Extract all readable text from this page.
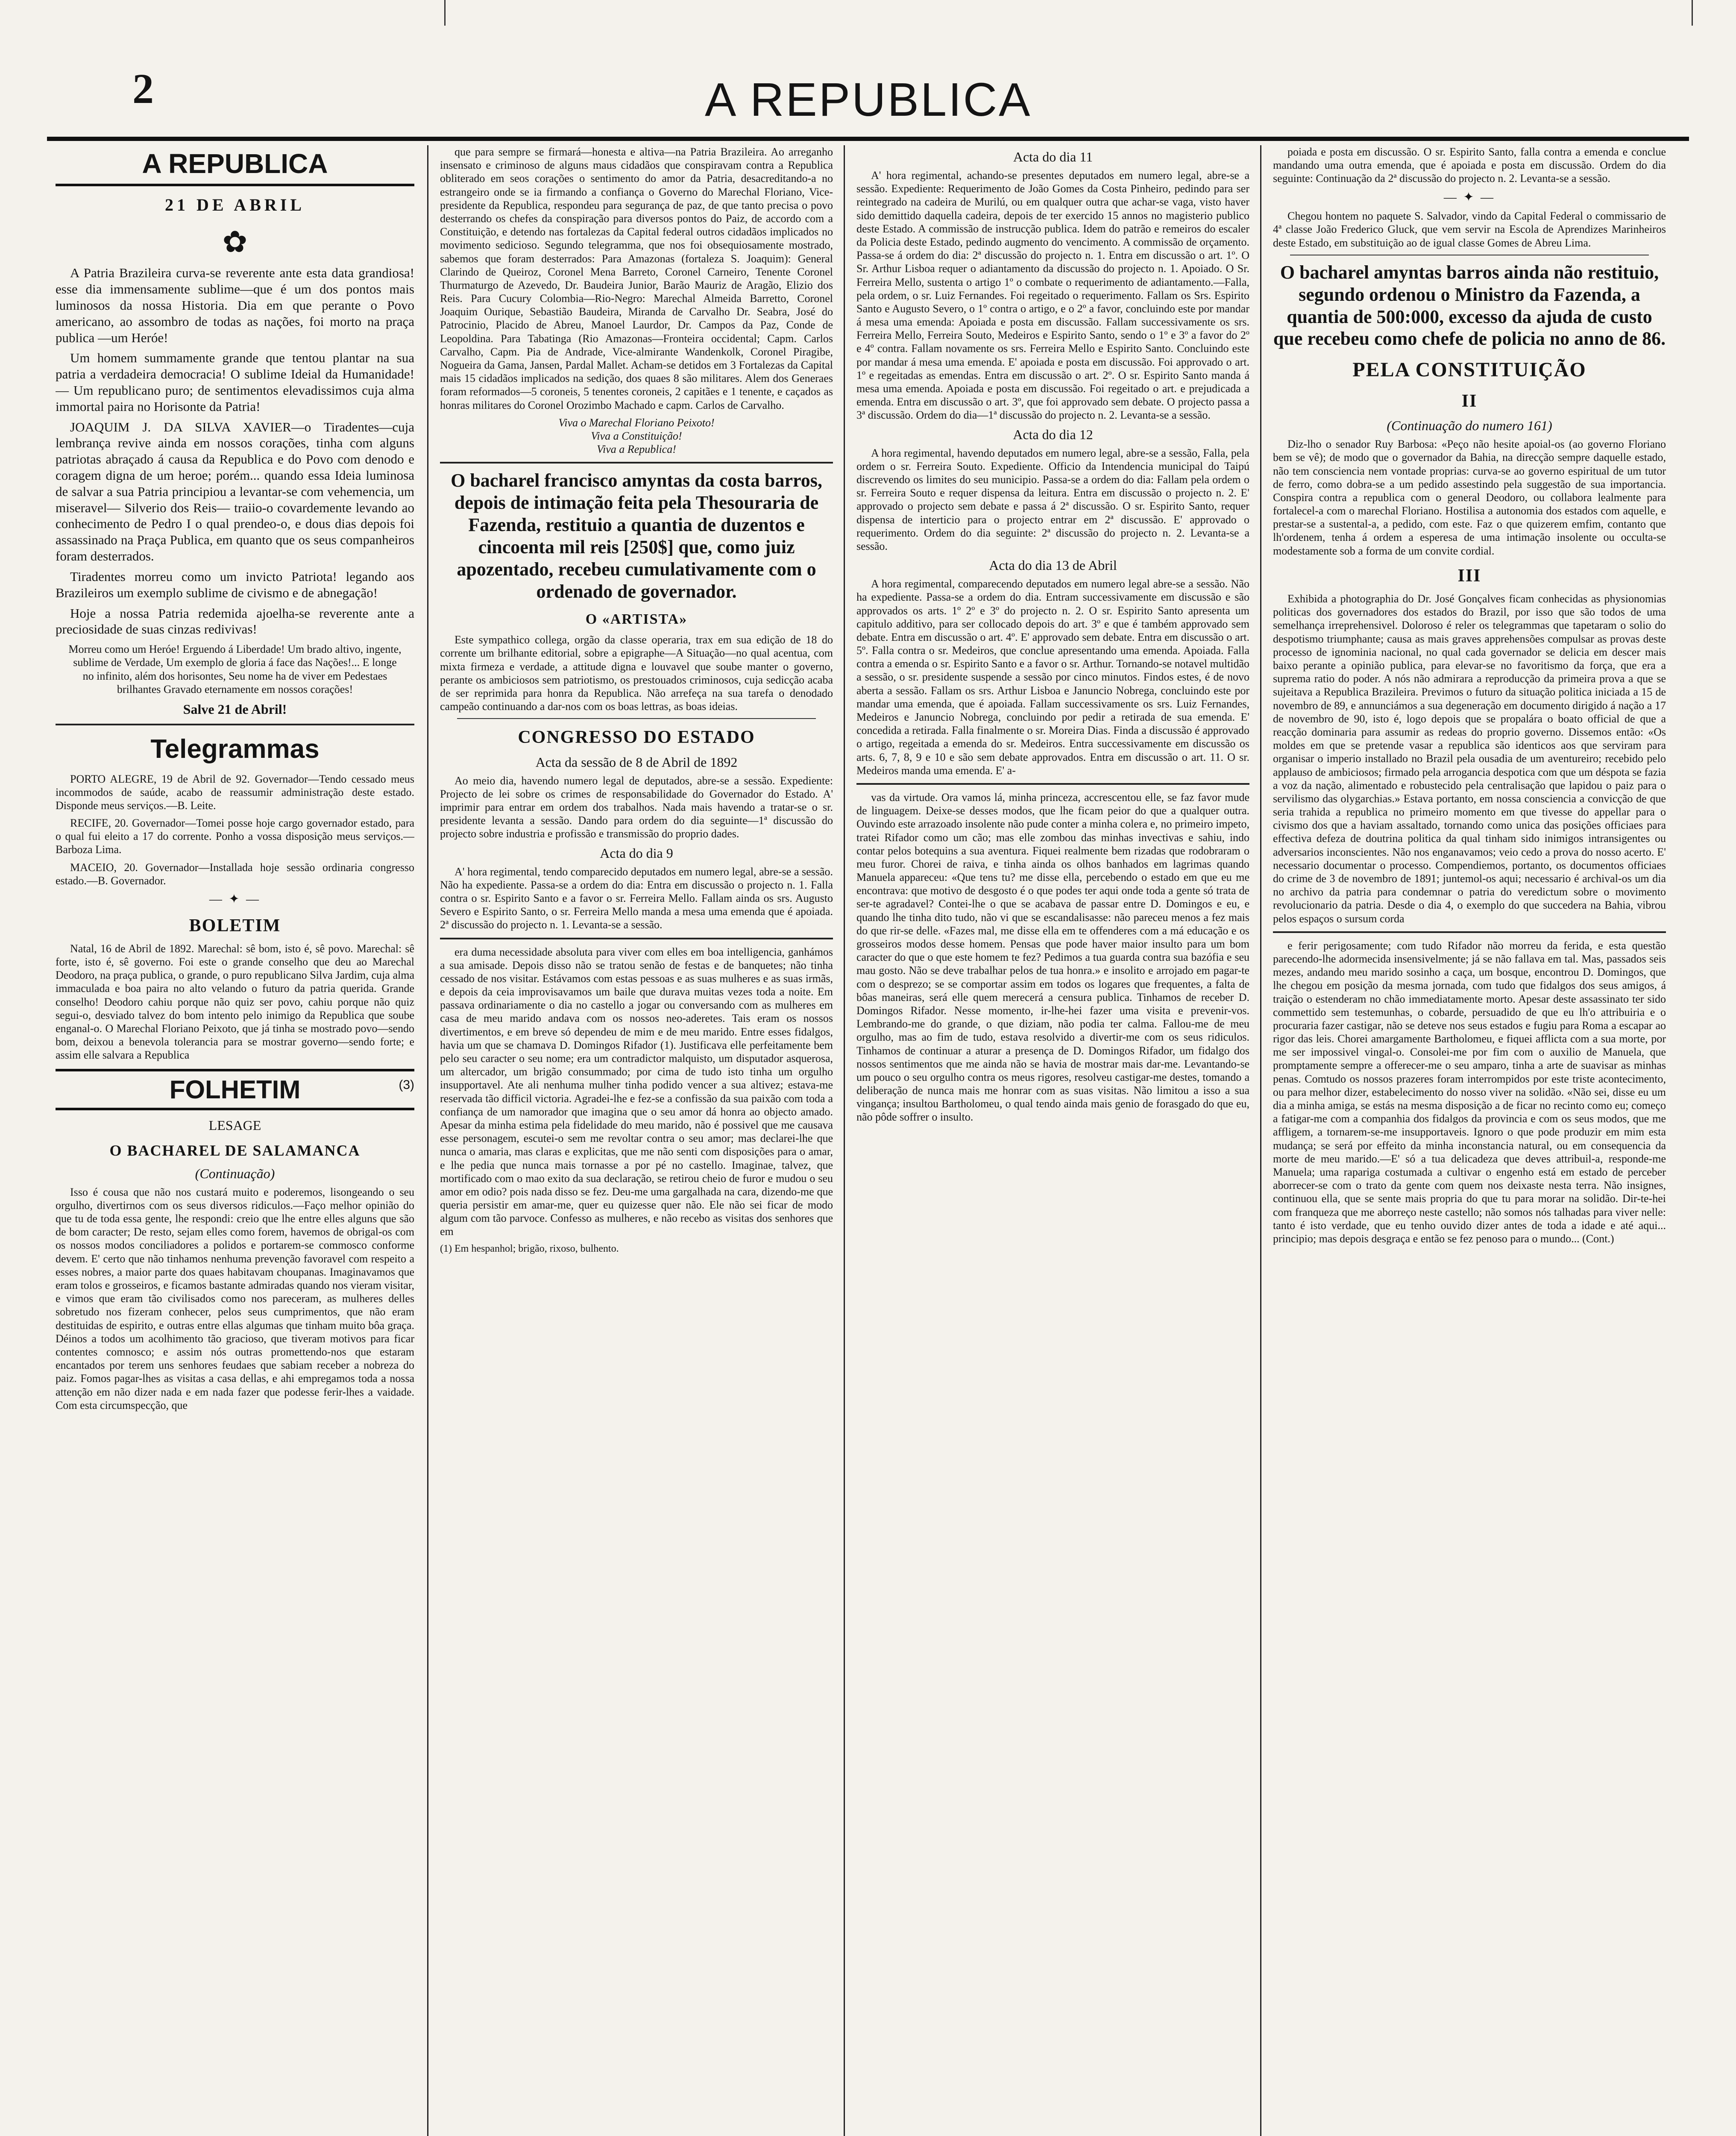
2	A REPUBLICA
A REPUBLICA
21 DE ABRIL
✿

A Patria Brazileira curva-se reverente ante esta data grandiosa! esse dia immensamente sublime—que é um dos pontos mais luminosos da nossa Historia. Dia em que perante o Povo americano, ao assombro de todas as nações, foi morto na praça publica —um Heróe!

Um homem summamente grande que tentou plantar na sua patria a verdadeira democracia! O sublime Ideial da Humanidade! — Um republicano puro; de sentimentos elevadissimos cuja alma immortal paira no Horisonte da Patria!

JOAQUIM J. DA SILVA XAVIER—o Tiradentes—cuja lembrança revive ainda em nossos corações, tinha com alguns patriotas abraçado á causa da Republica e do Povo com denodo e coragem digna de um heroe; porém... quando essa Ideia luminosa de salvar a sua Patria principiou a levantar-se com vehemencia, um miseravel— Silverio dos Reis— traiio-o covardemente levando ao conhecimento de Pedro I o qual prendeo-o, e dous dias depois foi assassinado na Praça Publica, em quanto que os seus companheiros foram desterrados.

Tiradentes morreu como um invicto Patriota! legando aos Brazileiros um exemplo sublime de civismo e de abnegação!

Hoje a nossa Patria redemida ajoelha-se reverente ante a preciosidade de suas cinzas redivivas!

Morreu como um Heróe! Erguendo á Liberdade! Um brado altivo, ingente, sublime de Verdade, Um exemplo de gloria á face das Nações!... E longe no infinito, além dos horisontes, Seu nome ha de viver em Pedestaes brilhantes Gravado eternamente em nossos corações!
Salve 21 de Abril!
Telegrammas

PORTO ALEGRE, 19 de Abril de 92. Governador—Tendo cessado meus incommodos de saúde, acabo de reassumir administração deste estado. Disponde meus serviços.—B. Leite.

RECIFE, 20. Governador—Tomei posse hoje cargo governador estado, para o qual fui eleito a 17 do corrente. Ponho a vossa disposição meus serviços.—Barboza Lima.

MACEIO, 20. Governador—Installada hoje sessão ordinaria congresso estado.—B. Governador.

— ✦ —
BOLETIM

Natal, 16 de Abril de 1892. Marechal: sê bom, isto é, sê povo. Marechal: sê forte, isto é, sê governo. Foi este o grande conselho que deu ao Marechal Deodoro, na praça publica, o grande, o puro republicano Silva Jardim, cuja alma immaculada e boa paira no alto velando o futuro da patria querida. Grande conselho! Deodoro cahiu porque não quiz ser povo, cahiu porque não quiz segui-o, desviado talvez do bom intento pelo inimigo da Republica que soube enganal-o. O Marechal Floriano Peixoto, que já tinha se mostrado povo—sendo bom, deixou a benevola tolerancia para se mostrar governo—sendo forte; e assim elle salvara a Republica

FOLHETIM	(3)
LESAGE
O BACHAREL DE SALAMANCA
(Continuação)

Isso é cousa que não nos custará muito e poderemos, lisongeando o seu orgulho, divertirnos com os seus diversos ridiculos.—Faço melhor opinião do que tu de toda essa gente, lhe respondi: creio que lhe entre elles alguns que são de bom caracter; De resto, sejam elles como forem, havemos de obrigal-os com os nossos modos conciliadores a polidos e portarem-se commosco conforme devem. E' certo que não tinhamos nenhuma prevenção favoravel com respeito a esses nobres, a maior parte dos quaes habitavam choupanas. Imaginavamos que eram tolos e grosseiros, e ficamos bastante admiradas quando nos vieram visitar, e vimos que eram tão civilisados como nos pareceram, as mulheres delles sobretudo nos fizeram conhecer, pelos seus cumprimentos, que não eram destituidas de espirito, e outras entre ellas algumas que tinham muito bôa graça. Déinos a todos um acolhimento tão gracioso, que tiveram motivos para ficar contentes comnosco; e assim nós outras promettendo-nos que estaram encantados por terem uns senhores feudaes que sabiam receber a nobreza do paiz. Fomos pagar-lhes as visitas a casa dellas, e ahi empregamos toda a nossa attenção em não dizer nada e em nada fazer que podesse ferir-lhes a vaidade. Com esta circumspecção, que

que para sempre se firmará—honesta e altiva—na Patria Brazileira. Ao arreganho insensato e criminoso de alguns maus cidadãos que conspiravam contra a Republica obliterado em seos corações o sentimento do amor da Patria, desacreditando-a no estrangeiro onde se ia firmando a confiança o Governo do Marechal Floriano, Vice-presidente da Republica, respondeu para segurança de paz, de que tanto precisa o povo desterrando os chefes da conspiração para diversos pontos do Paiz, de accordo com a Constituição, e detendo nas fortalezas da Capital federal outros cidadãos implicados no movimento sedicioso. Segundo telegramma, que nos foi obsequiosamente mostrado, sabemos que foram desterrados: Para Amazonas (fortaleza S. Joaquim): General Clarindo de Queiroz, Coronel Mena Barreto, Coronel Carneiro, Tenente Coronel Thurmaturgo de Azevedo, Dr. Baudeira Junior, Barão Mauriz de Aragão, Elizio dos Reis. Para Cucury Colombia—Rio-Negro: Marechal Almeida Barretto, Coronel Joaquim Ourique, Sebastião Baudeira, Miranda de Carvalho Dr. Seabra, José do Patrocinio, Placido de Abreu, Manoel Laurdor, Dr. Campos da Paz, Conde de Leopoldina. Para Tabatinga (Rio Amazonas—Fronteira occidental; Capm. Carlos Carvalho, Capm. Pia de Andrade, Vice-almirante Wandenkolk, Coronel Piragibe, Nogueira da Gama, Jansen, Pardal Mallet. Acham-se detidos em 3 Fortalezas da Capital mais 15 cidadãos implicados na sedição, dos quaes 8 são militares. Alem dos Generaes foram reformados—5 coroneis, 5 tenentes coroneis, 2 capitães e 1 tenente, e caçados as honras militares do Coronel Orozimbo Machado e capm. Carlos de Carvalho.

Viva o Marechal Floriano Peixoto!
Viva a Constituição!
Viva a Republica!
O bacharel francisco amyntas da costa barros, depois de intimação feita pela Thesouraria de Fazenda, restituio a quantia de duzentos e cincoenta mil reis [250$] que, como juiz apozentado, recebeu cumulativamente com o ordenado de governador.
O «ARTISTA»

Este sympathico collega, orgão da classe operaria, trax em sua edição de 18 do corrente um brilhante editorial, sobre a epigraphe—A Situação—no qual acentua, com mixta firmeza e verdade, a attitude digna e louvavel que soube manter o governo, perante os ambiciosos sem patriotismo, os prestouados criminosos, cuja sedicção acaba de ser reprimida para honra da Republica. Não arrefeça na sua tarefa o denodado campeão continuando a dar-nos com os boas lettras, as boas ideias.

CONGRESSO DO ESTADO
Acta da sessão de 8 de Abril de 1892

Ao meio dia, havendo numero legal de deputados, abre-se a sessão. Expediente: Projecto de lei sobre os crimes de responsabilidade do Governador do Estado. A' imprimir para entrar em ordem dos trabalhos. Nada mais havendo a tratar-se o sr. presidente levanta a sessão. Dando para ordem do dia seguinte—1ª discussão do projecto sobre industria e profissão e transmissão do proprio dades.

Acta do dia 9

A' hora regimental, tendo comparecido deputados em numero legal, abre-se a sessão. Não ha expediente. Passa-se a ordem do dia: Entra em discussão o projecto n. 1. Falla contra o sr. Espirito Santo e a favor o sr. Ferreira Mello. Fallam ainda os srs. Augusto Severo e Espirito Santo, o sr. Ferreira Mello manda a mesa uma emenda que é apoiada. 2ª discussão do projecto n. 1. Levanta-se a sessão.

era duma necessidade absoluta para viver com elles em boa intelligencia, ganhámos a sua amisade. Depois disso não se tratou senão de festas e de banquetes; não tinha cessado de nos visitar. Estávamos com estas pessoas e as suas mulheres e as suas irmãs, e depois da ceia improvisavamos um baile que durava muitas vezes toda a noite. Em passava ordinariamente o dia no castello a jogar ou conversando com as mulheres em casa de meu marido andava com os nossos neo-aderetes. Tais eram os nossos divertimentos, e em breve só dependeu de mim e de meu marido. Entre esses fidalgos, havia um que se chamava D. Domingos Rifador (1). Justificava elle perfeitamente bem pelo seu caracter o seu nome; era um contradictor malquisto, um disputador asquerosa, um altercador, um brigão consummado; por cima de tudo isto tinha um orgulho insupportavel. Ate ali nenhuma mulher tinha podido vencer a sua altivez; estava-me reservada tão difficil victoria. Agradei-lhe e fez-se a confissão da sua paixão com toda a confiança de um namorador que imagina que o seu amor dá honra ao objecto amado. Apesar da minha estima pela fidelidade do meu marido, não é possivel que me causava esse personagem, escutei-o sem me revoltar contra o seu amor; mas declarei-lhe que nunca o amaria, mas claras e explicitas, que me não senti com disposições para o amar, e lhe pedia que nunca mais tornasse a por pé no castello. Imaginae, talvez, que mortificado com o mao exito da sua declaração, se retirou cheio de furor e mudou o seu amor em odio? pois nada disso se fez. Deu-me uma gargalhada na cara, dizendo-me que queria persistir em amar-me, quer eu quizesse quer não. Ele não sei ficar de modo algum com tão parvoce. Confesso as mulheres, e não recebo as visitas dos senhores que em

(1) Em hespanhol; brigão, rixoso, bulhento.
Acta do dia 11

A' hora regimental, achando-se presentes deputados em numero legal, abre-se a sessão. Expediente: Requerimento de João Gomes da Costa Pinheiro, pedindo para ser reintegrado na cadeira de Murilú, ou em qualquer outra que achar-se vaga, visto haver sido demittido daquella cadeira, depois de ter exercido 15 annos no magisterio publico deste Estado. A commissão de instrucção publica. Idem do patrão e remeiros do escaler da Policia deste Estado, pedindo augmento do vencimento. A commissão de orçamento. Passa-se á ordem do dia: 2ª discussão do projecto n. 1. Entra em discussão o art. 1º. O Sr. Arthur Lisboa requer o adiantamento da discussão do projecto n. 1. Apoiado. O Sr. Ferreira Mello, sustenta o artigo 1º o combate o requerimento de adiantamento.—Falla, pela ordem, o sr. Luiz Fernandes. Foi regeitado o requerimento. Fallam os Srs. Espirito Santo e Augusto Severo, o 1º contra o artigo, e o 2º a favor, concluindo este por mandar á mesa uma emenda: Apoiada e posta em discussão. Fallam successivamente os srs. Ferreira Mello, Ferreira Souto, Medeiros e Espirito Santo, sendo o 1º e 3º a favor do 2º e 4º contra. Fallam novamente os srs. Ferreira Mello e Espirito Santo. Concluindo este por mandar á mesa uma emenda. E' apoiada e posta em discussão. Foi approvado o art. 1º e regeitadas as emendas. Entra em discussão o art. 2º. O sr. Espirito Santo manda á mesa uma emenda. Apoiada e posta em discussão. Foi regeitado o art. e prejudicada a emenda. Entra em discussão o art. 3º, que foi approvado sem debate. O projecto passa a 3ª discussão. Ordem do dia—1ª discussão do projecto n. 2. Levanta-se a sessão.

Acta do dia 12

A hora regimental, havendo deputados em numero legal, abre-se a sessão, Falla, pela ordem o sr. Ferreira Souto. Expediente. Officio da Intendencia municipal do Taipú discrevendo os limites do seu municipio. Passa-se a ordem do dia: Fallam pela ordem o sr. Ferreira Souto e requer dispensa da leitura. Entra em discussão o projecto n. 2. E' approvado o projecto sem debate e passa á 2ª discussão. O sr. Espirito Santo, requer dispensa de interticio para o projecto entrar em 2ª discussão. E' approvado o requerimento. Ordem do dia seguinte: 2ª discussão do projecto n. 2. Levanta-se a sessão.

Acta do dia 13 de Abril

A hora regimental, comparecendo deputados em numero legal abre-se a sessão. Não ha expediente. Passa-se a ordem do dia. Entram successivamente em discussão e são approvados os arts. 1º 2º e 3º do projecto n. 2. O sr. Espirito Santo apresenta um capitulo additivo, para ser collocado depois do art. 3º e que é também approvado sem debate. Entra em discussão o art. 4º. E' approvado sem debate. Entra em discussão o art. 5º. Falla contra o sr. Medeiros, que conclue apresentando uma emenda. Apoiada. Falla contra a emenda o sr. Espirito Santo e a favor o sr. Arthur. Tornando-se notavel multidão a sessão, o sr. presidente suspende a sessão por cinco minutos. Findos estes, é de novo aberta a sessão. Fallam os srs. Arthur Lisboa e Januncio Nobrega, concluindo este por mandar uma emenda, que é apoiada. Fallam successivamente os srs. Luiz Fernandes, Medeiros e Januncio Nobrega, concluindo por pedir a retirada de sua emenda. E' concedida a retirada. Falla finalmente o sr. Moreira Dias. Finda a discussão é approvado o artigo, regeitada a emenda do sr. Medeiros. Entra successivamente em discussão os arts. 6, 7, 8, 9 e 10 e são sem debate approvados. Entra em discussão o art. 11. O sr. Medeiros manda uma emenda. E' a-

vas da virtude. Ora vamos lá, minha princeza, accrescentou elle, se faz favor mude de linguagem. Deixe-se desses modos, que lhe ficam peior do que a qualquer outra. Ouvindo este arrazoado insolente não pude conter a minha colera e, no primeiro impeto, tratei Rifador como um cão; mas elle zombou das minhas invectivas e sahiu, indo contar pelos botequins a sua aventura. Fiquei realmente bem rizadas que rodobraram o meu furor. Chorei de raiva, e tinha ainda os olhos banhados em lagrimas quando Manuela appareceu: «Que tens tu? me disse ella, percebendo o estado em que eu me encontrava: que motivo de desgosto é o que podes ter aqui onde toda a gente só trata de ser-te agradavel? Contei-lhe o que se acabava de passar entre D. Domingos e eu, e quando lhe tinha dito tudo, não vi que se escandalisasse: não pareceu menos a fez mais do que rir-se delle. «Fazes mal, me disse ella em te offenderes com a má educação e os grosseiros modos desse homem. Pensas que pode haver maior insulto para um bom caracter do que o que este homem te fez? Pedimos a tua guarda contra sua bazófia e seu mau gosto. Não se deve trabalhar pelos de tua honra.» e insolito e arrojado em pagar-te com o desprezo; se se comportar assim em todos os logares que frequentes, a falta de bôas maneiras, será elle quem merecerá a censura publica. Tinhamos de receber D. Domingos Rifador. Nesse momento, ir-lhe-hei fazer uma visita e prevenir-vos. Lembrando-me do grande, o que diziam, não podia ter calma. Fallou-me de meu orgulho, mas ao fim de tudo, estava resolvido a divertir-me com os seus ridiculos. Tinhamos de continuar a aturar a presença de D. Domingos Rifador, um fidalgo dos nossos sentimentos que me ainda não se havia de mostrar mais dar-me. Levantando-se um pouco o seu orgulho contra os meus rigores, resolveu castigar-me destes, tomando a deliberação de nunca mais me honrar com as suas visitas. Não limitou a isso a sua vingança; insultou Bartholomeu, o qual tendo ainda mais genio de forasgado do que eu, não pôde soffrer o insulto.

poiada e posta em discussão. O sr. Espirito Santo, falla contra a emenda e conclue mandando uma outra emenda, que é apoiada e posta em discussão. Ordem do dia seguinte: Continuação da 2ª discussão do projecto n. 2. Levanta-se a sessão.

— ✦ —

Chegou hontem no paquete S. Salvador, vindo da Capital Federal o commissario de 4ª classe João Frederico Gluck, que vem servir na Escola de Aprendizes Marinheiros deste Estado, em substituição ao de igual classe Gomes de Abreu Lima.

O bacharel amyntas barros ainda não restituio, segundo ordenou o Ministro da Fazenda, a quantia de 500:000, excesso da ajuda de custo que recebeu como chefe de policia no anno de 86.
PELA CONSTITUIÇÃO
II
(Continuação do numero 161)

Diz-lho o senador Ruy Barbosa: «Peço não hesite apoial-os (ao governo Floriano bem se vê); de modo que o governador da Bahia, na direcção sempre daquelle estado, não tem consciencia nem vontade proprias: curva-se ao governo espiritual de um tutor de ferro, como dobra-se a um pedido assestindo pela suggestão de sua importancia. Conspira contra a republica com o general Deodoro, ou collabora lealmente para fortalecel-a com o marechal Floriano. Hostilisa a autonomia dos estados com aquelle, e prestar-se a sustental-a, a pedido, com este. Faz o que quizerem emfim, contanto que lh'ordenem, tenha á ordem a esperesa de uma intimação insolente ou occulta-se modestamente sob a forma de um convite cordial.

III

Exhibida a photographia do Dr. José Gonçalves ficam conhecidas as physionomias politicas dos governadores dos estados do Brazil, por isso que são todos de uma semelhança irreprehensivel. Doloroso é reler os telegrammas que tapetaram o solio do despotismo triumphante; causa as mais graves apprehensões compulsar as provas deste processo de ignominia nacional, no qual cada governador se delicia em descer mais baixo perante a opinião publica, para elevar-se no favoritismo da força, que era a suprema ratio do poder. A nós não admirara a reproducção da primeira prova a que se sujeitava a Republica Brazileira. Previmos o futuro da situação politica iniciada a 15 de novembro de 89, e annunciámos a sua degeneração em documento dirigido á nação a 17 de novembro de 90, isto é, logo depois que se propalára o boato official de que a reacção dominaria para assumir as redeas do proprio governo. Dissemos então: «Os moldes em que se pretende vasar a republica são identicos aos que serviram para organisar o imperio installado no Brazil pela ousadia de um aventureiro; recebido pelo applauso de ambiciosos; firmado pela arrogancia despotica com que um déspota se fazia a voz da nação, alimentado e robustecido pela centralisação que lapidou o paiz para o servilismo das olygarchias.» Estava portanto, em nossa consciencia a convicção de que seria trahida a republica no primeiro momento em que tivesse do appellar para o civismo dos que a haviam assaltado, tornando como unica das posições officiaes para effectiva defeza de doutrina politica da qual tinham sido inimigos intransigentes ou adversarios inconscientes. Não nos enganavamos; veio cedo a prova do nosso acerto. E' necessario documentar o processo. Compendiemos, portanto, os documentos officiaes do crime de 3 de novembro de 1891; juntemol-os aqui; necessario é archival-os um dia no archivo da patria para condemnar o patria do veredictum sobre o movimento revolucionario da patria. Desde o dia 4, o exemplo do que succedera na Bahia, vibrou pelos espaços o sursum corda

e ferir perigosamente; com tudo Rifador não morreu da ferida, e esta questão parecendo-lhe adormecida insensivelmente; já se não fallava em tal. Mas, passados seis mezes, andando meu marido sosinho a caça, um bosque, encontrou D. Domingos, que lhe chegou em posição da mesma jornada, com tudo que fidalgos dos seus amigos, á traição o estenderam no chão immediatamente morto. Apesar deste assassinato ter sido commettido sem testemunhas, o cobarde, persuadido de que eu lh'o attribuiria e o procuraria fazer castigar, não se deteve nos seus estados e fugiu para Roma a escapar ao rigor das leis. Chorei amargamente Bartholomeu, e fiquei afflicta com a sua morte, por me ser impossivel vingal-o. Consolei-me por fim com o auxilio de Manuela, que promptamente sempre a offerecer-me o seu amparo, tinha a arte de suavisar as minhas penas. Comtudo os nossos prazeres foram interrompidos por este triste acontecimento, ou para melhor dizer, estabelecimento do nosso viver na solidão. «Não sei, disse eu um dia a minha amiga, se estás na mesma disposição a de ficar no recinto como eu; começo a fatigar-me com a companhia dos fidalgos da provincia e com os seus modos, que me affligem, a tornarem-se-me insupportaveis. Ignoro o que pode produzir em mim esta mudança; se será por effeito da minha inconstancia natural, ou em consequencia da morte de meu marido.—E' só a tua delicadeza que deves attribuil-a, responde-me Manuela; uma rapariga costumada a cultivar o engenho está em estado de perceber aborrecer-se com o trato da gente com quem nos deixaste nesta terra. Não insignes, continuou ella, que se sente mais propria do que tu para morar na solidão. Dir-te-hei com franqueza que me aborreço neste castello; não somos nós talhadas para viver nelle: tanto é isto verdade, que eu tenho ouvido dizer antes de toda a idade e até aqui... principio; mas depois desgraça e então se fez penoso para o mundo... (Cont.)
